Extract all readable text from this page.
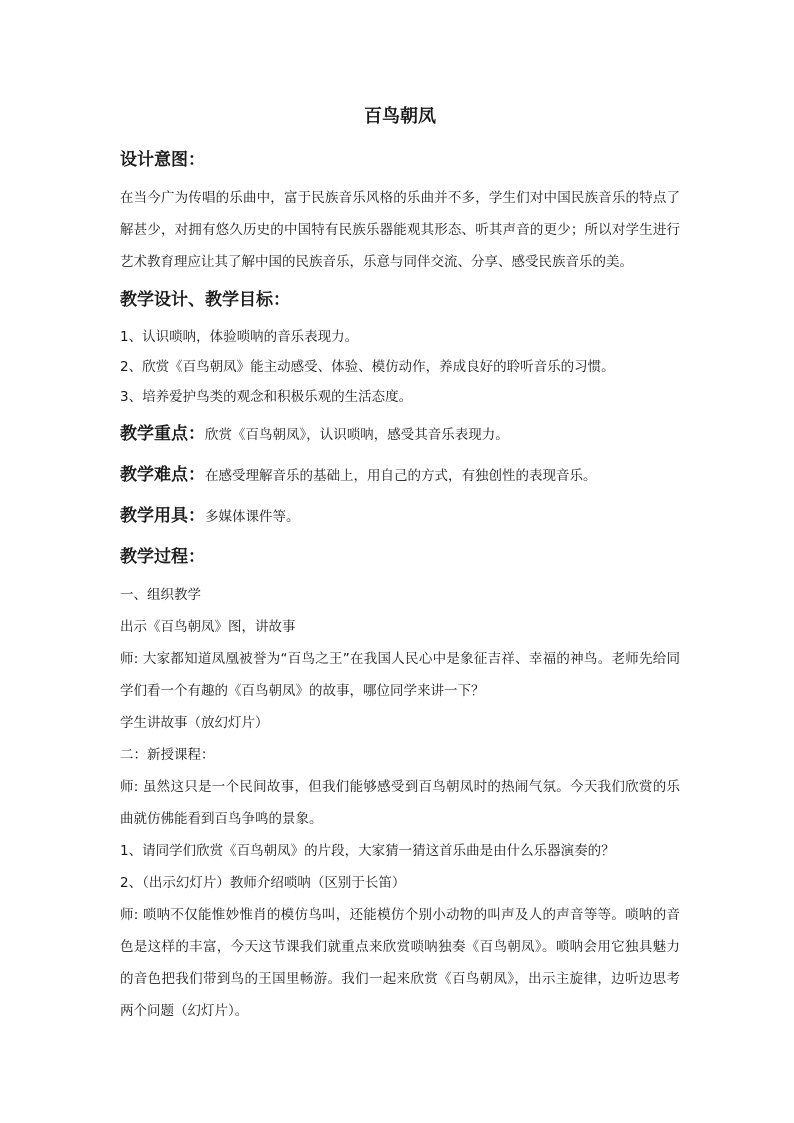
百鸟朝凤
设计意图：

在当今广为传唱的乐曲中，富于民族音乐风格的乐曲并不多，学生们对中国民族音乐的特点了解甚少，对拥有悠久历史的中国特有民族乐器能观其形态、听其声音的更少；所以对学生进行艺术教育理应让其了解中国的民族音乐，乐意与同伴交流、分享、感受民族音乐的美。

教学设计、教学目标：

1、认识唢呐，体验唢呐的音乐表现力。

2、欣赏《百鸟朝凤》能主动感受、体验、模仿动作，养成良好的聆听音乐的习惯。

3、培养爱护鸟类的观念和积极乐观的生活态度。

教学重点：欣赏《百鸟朝凤》，认识唢呐，感受其音乐表现力。
教学难点：在感受理解音乐的基础上，用自己的方式，有独创性的表现音乐。
教学用具：多媒体课件等。
教学过程：

一、组织教学

出示《百鸟朝凤》图，讲故事

师: 大家都知道凤凰被誉为“百鸟之王”在我国人民心中是象征吉祥、幸福的神鸟。老师先给同学们看一个有趣的《百鸟朝凤》的故事，哪位同学来讲一下？

学生讲故事（放幻灯片）

二：新授课程：

师: 虽然这只是一个民间故事，但我们能够感受到百鸟朝凤时的热闹气氛。今天我们欣赏的乐曲就仿佛能看到百鸟争鸣的景象。

1、请同学们欣赏《百鸟朝凤》的片段，大家猜一猜这首乐曲是由什么乐器演奏的？

2、（出示幻灯片）教师介绍唢呐（区别于长笛）

师: 唢呐不仅能惟妙惟肖的模仿鸟叫，还能模仿个别小动物的叫声及人的声音等等。唢呐的音色是这样的丰富，今天这节课我们就重点来欣赏唢呐独奏《百鸟朝凤》。唢呐会用它独具魅力的音色把我们带到鸟的王国里畅游。我们一起来欣赏《百鸟朝凤》，出示主旋律，边听边思考两个问题（幻灯片）。
